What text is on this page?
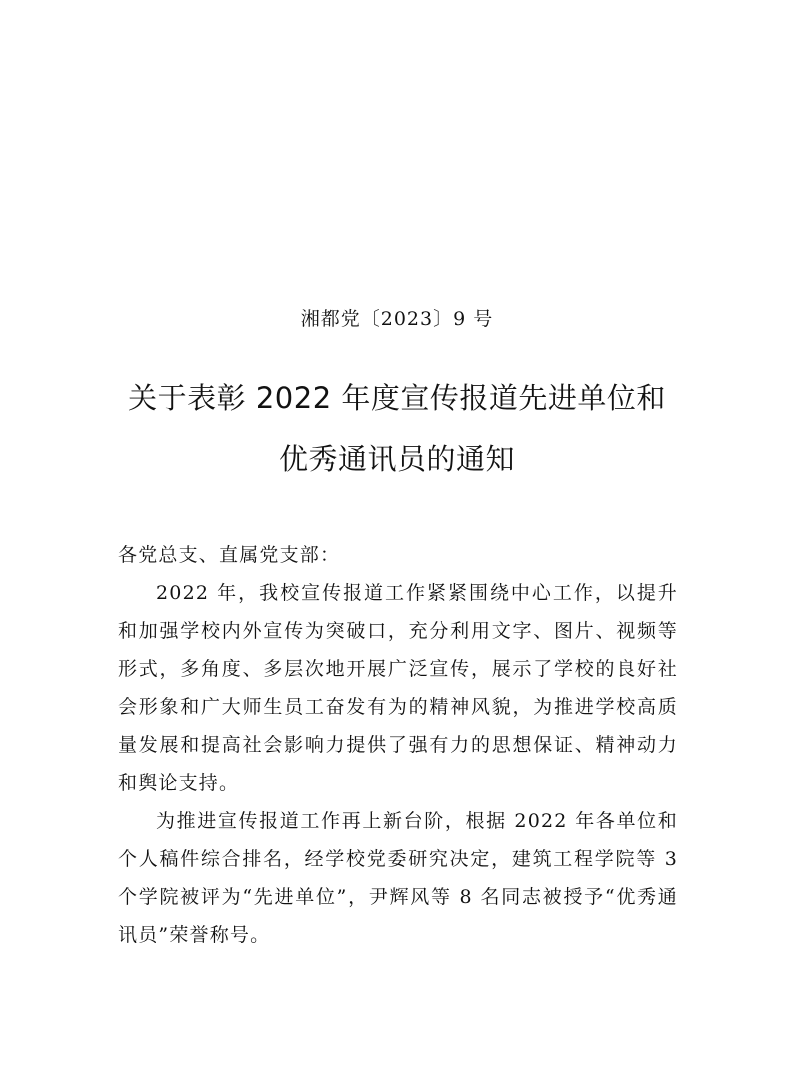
湘都党〔2023〕9 号
关于表彰 2022 年度宣传报道先进单位和
优秀通讯员的通知

各党总支、直属党支部：

2022 年，我校宣传报道工作紧紧围绕中心工作，以提升和加强学校内外宣传为突破口，充分利用文字、图片、视频等形式，多角度、多层次地开展广泛宣传，展示了学校的良好社会形象和广大师生员工奋发有为的精神风貌，为推进学校高质量发展和提高社会影响力提供了强有力的思想保证、精神动力和舆论支持。

为推进宣传报道工作再上新台阶，根据 2022 年各单位和个人稿件综合排名，经学校党委研究决定，建筑工程学院等 3 个学院被评为“先进单位”，尹辉风等 8 名同志被授予“优秀通讯员”荣誉称号。
